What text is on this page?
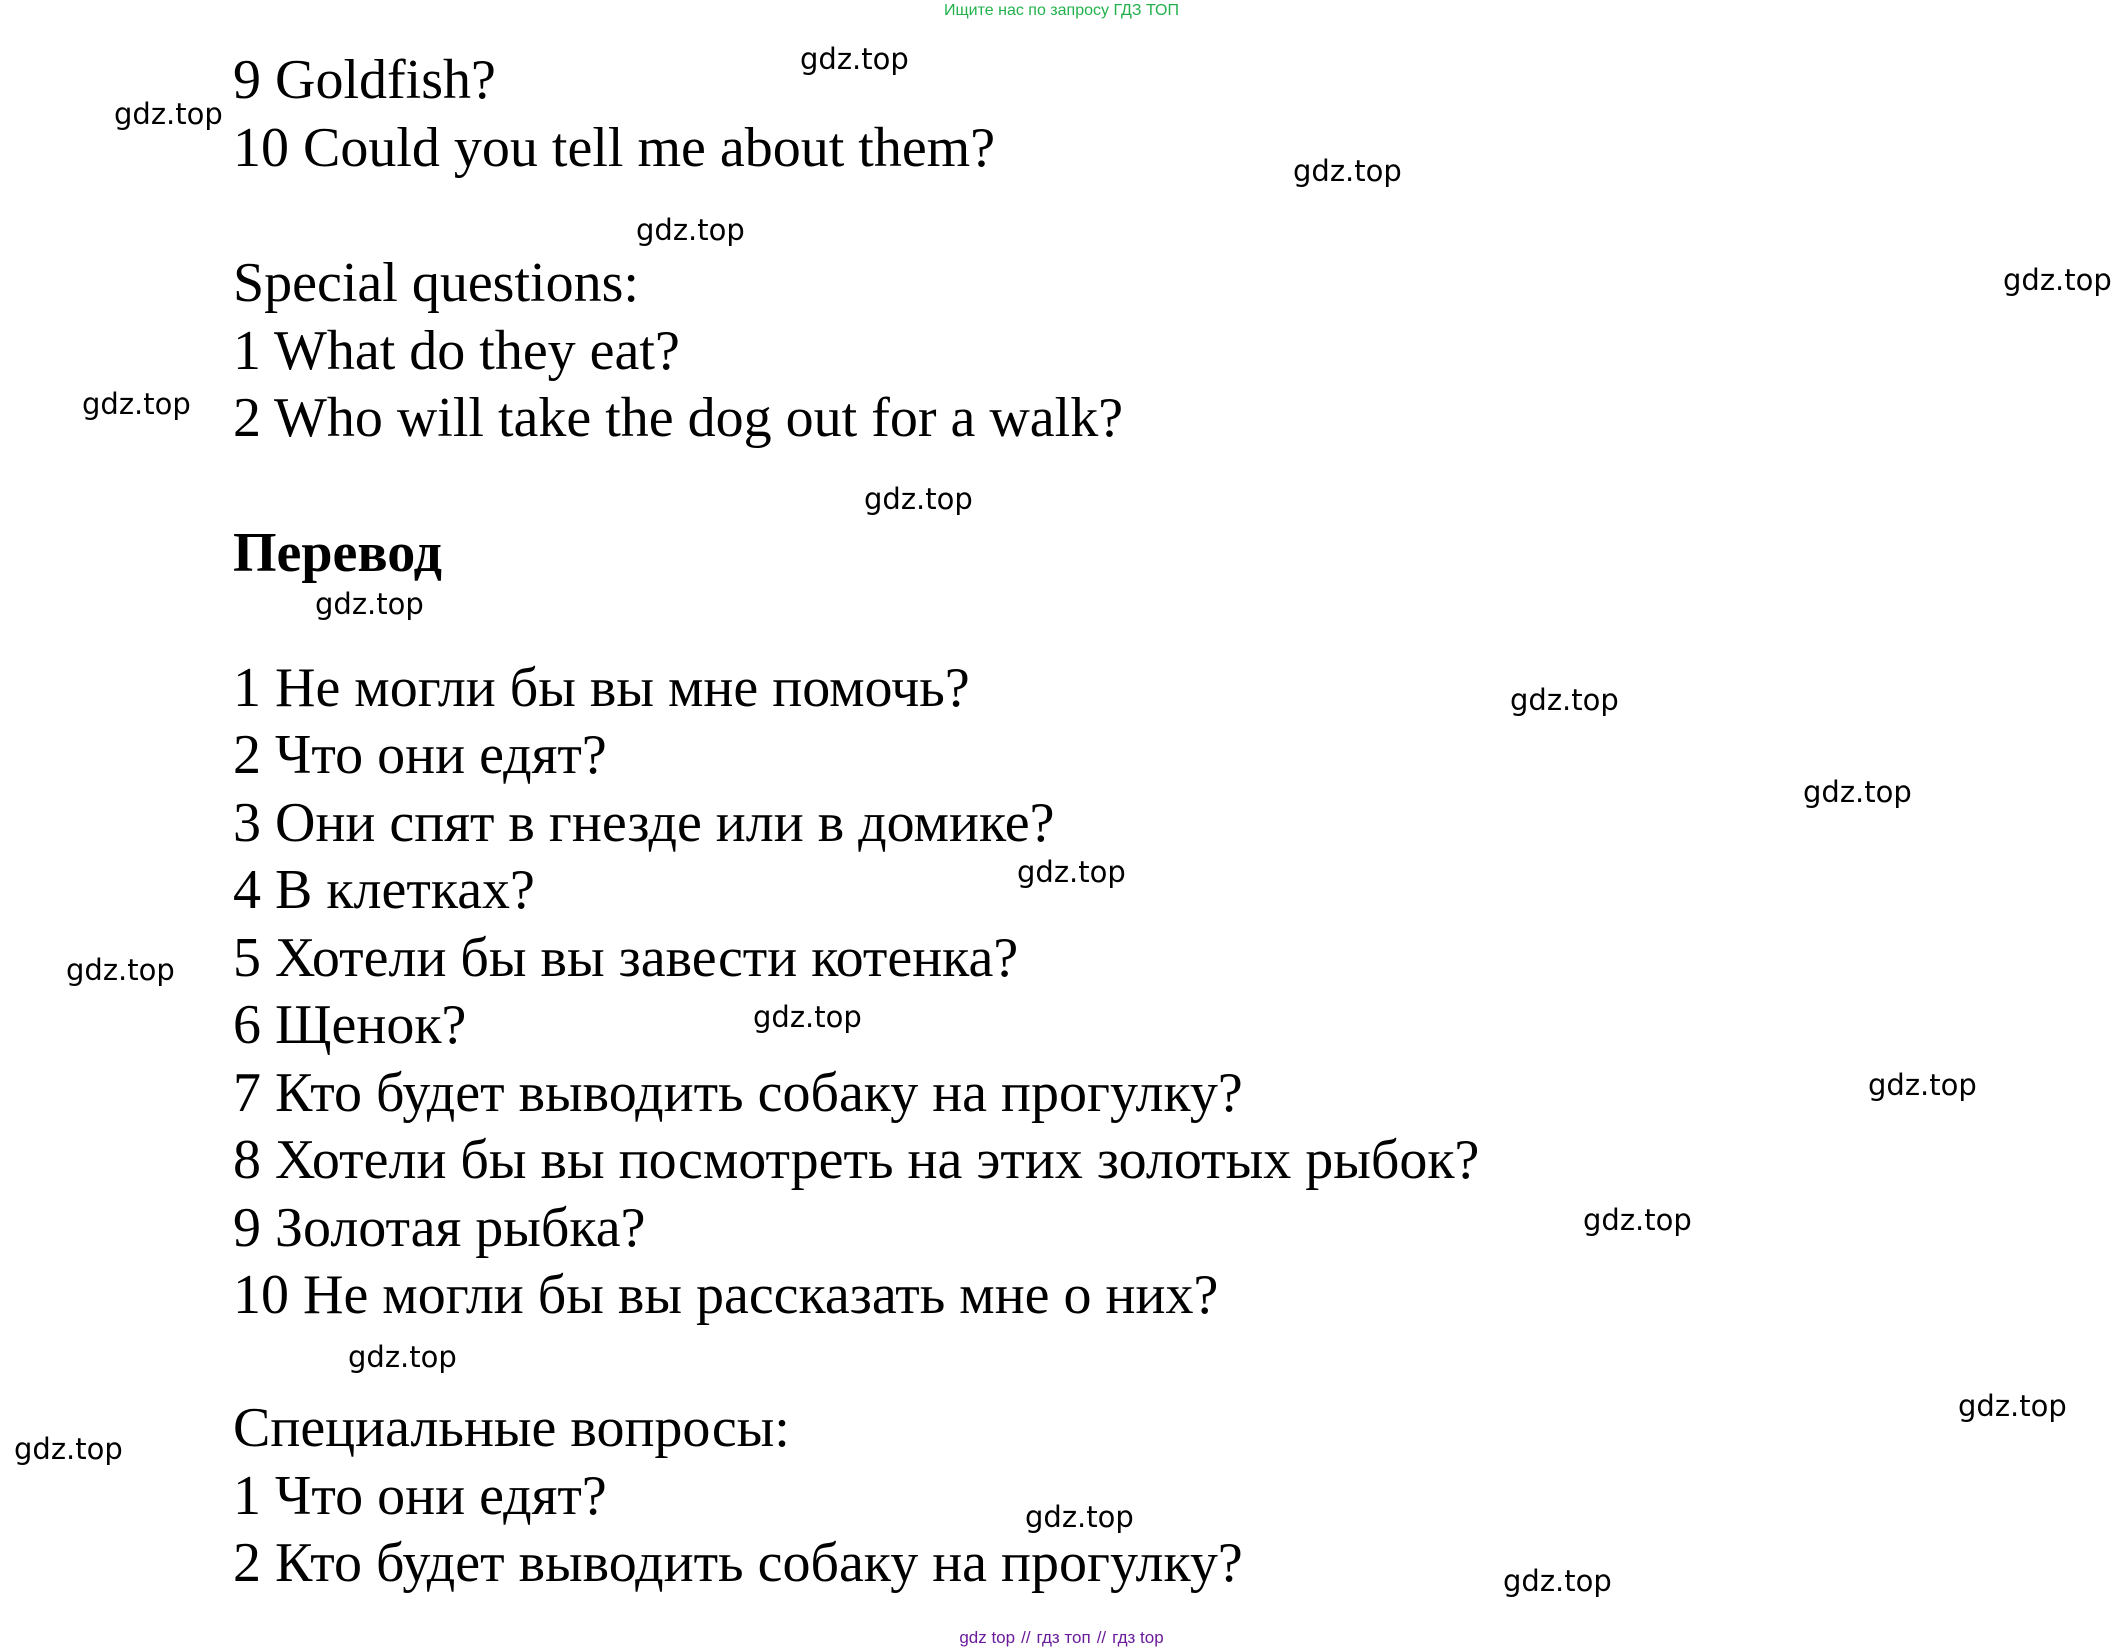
Ищите нас по запросу ГДЗ ТОП
9 Goldfish?
10 Could you tell me about them?
Special questions:
1 What do they eat?
2 Who will take the dog out for a walk?
Перевод
1 Не могли бы вы мне помочь?
2 Что они едят?
3 Они спят в гнезде или в домике?
4 В клетках?
5 Хотели бы вы завести котенка?
6 Щенок?
7 Кто будет выводить собаку на прогулку?
8 Хотели бы вы посмотреть на этих золотых рыбок?
9 Золотая рыбка?
10 Не могли бы вы рассказать мне о них?
Специальные вопросы:
1 Что они едят?
2 Кто будет выводить собаку на прогулку?
gdz.top
gdz.top
gdz.top
gdz.top
gdz.top
gdz.top
gdz.top
gdz.top
gdz.top
gdz.top
gdz.top
gdz.top
gdz.top
gdz.top
gdz.top
gdz.top
gdz.top
gdz.top
gdz.top
gdz.top
gdz top // гдз топ // гдз top
